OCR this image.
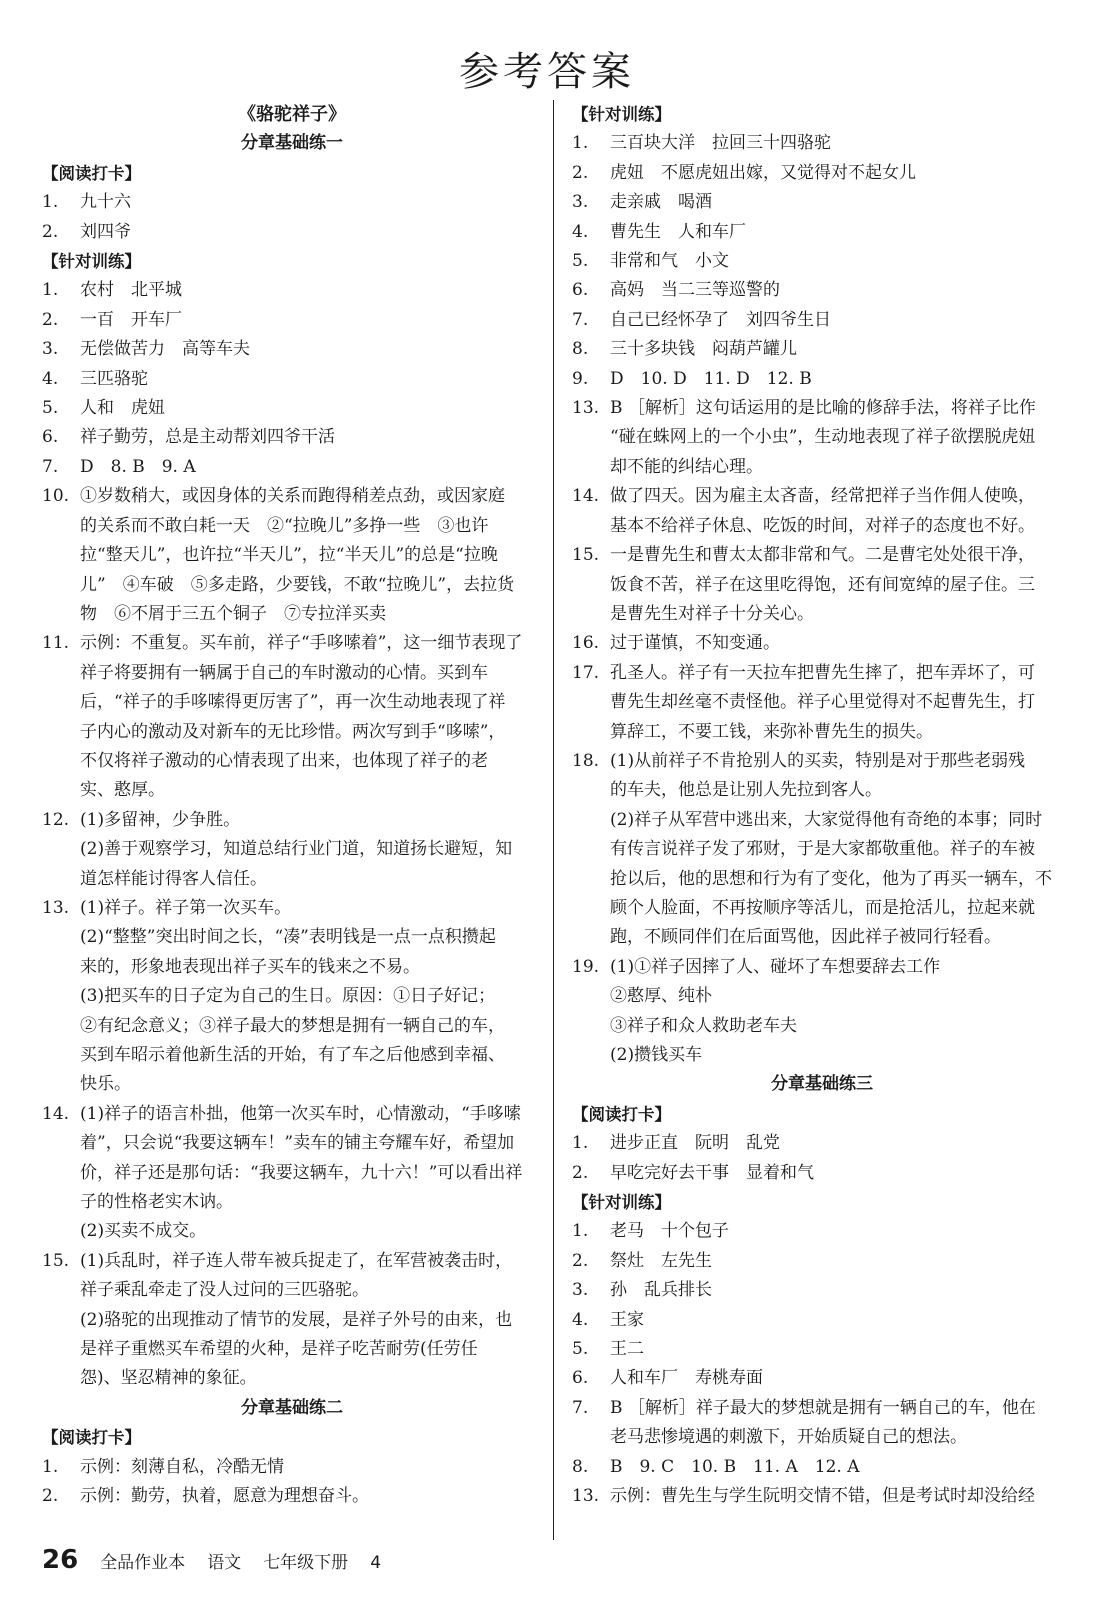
参考答案
《骆驼祥子》
分章基础练一
【阅读打卡】
1. 九十六
2. 刘四爷
【针对训练】
1. 农村　北平城
2. 一百　开车厂
3. 无偿做苦力　高等车夫
4. 三匹骆驼
5. 人和　虎妞
6. 祥子勤劳，总是主动帮刘四爷干活
7. D　8. B　9. A
10. ①岁数稍大，或因身体的关系而跑得稍差点劲，或因家庭
的关系而不敢白耗一天　②“拉晚儿”多挣一些　③也许
拉“整天儿”，也许拉“半天儿”，拉“半天儿”的总是“拉晚
儿”　④车破　⑤多走路，少要钱，不敢“拉晚儿”，去拉货
物　⑥不屑于三五个铜子　⑦专拉洋买卖
11. 示例：不重复。买车前，祥子“手哆嗦着”，这一细节表现了
祥子将要拥有一辆属于自己的车时激动的心情。买到车
后，“祥子的手哆嗦得更厉害了”，再一次生动地表现了祥
子内心的激动及对新车的无比珍惜。两次写到手“哆嗦”，
不仅将祥子激动的心情表现了出来，也体现了祥子的老
实、憨厚。
12. (1)多留神，少争胜。
(2)善于观察学习，知道总结行业门道，知道扬长避短，知
道怎样能讨得客人信任。
13. (1)祥子。祥子第一次买车。
(2)“整整”突出时间之长，“凑”表明钱是一点一点积攒起
来的，形象地表现出祥子买车的钱来之不易。
(3)把买车的日子定为自己的生日。原因：①日子好记；
②有纪念意义；③祥子最大的梦想是拥有一辆自己的车，
买到车昭示着他新生活的开始，有了车之后他感到幸福、
快乐。
14. (1)祥子的语言朴拙，他第一次买车时，心情激动，“手哆嗦
着”，只会说“我要这辆车！”卖车的铺主夸耀车好，希望加
价，祥子还是那句话：“我要这辆车，九十六！”可以看出祥
子的性格老实木讷。
(2)买卖不成交。
15. (1)兵乱时，祥子连人带车被兵捉走了，在军营被袭击时，
祥子乘乱牵走了没人过问的三匹骆驼。
(2)骆驼的出现推动了情节的发展，是祥子外号的由来，也
是祥子重燃买车希望的火种，是祥子吃苦耐劳(任劳任
怨)、坚忍精神的象征。
分章基础练二
【阅读打卡】
1. 示例：刻薄自私，冷酷无情
2. 示例：勤劳，执着，愿意为理想奋斗。
【针对训练】
1. 三百块大洋　拉回三十四骆驼
2. 虎妞　不愿虎妞出嫁，又觉得对不起女儿
3. 走亲戚　喝酒
4. 曹先生　人和车厂
5. 非常和气　小文
6. 高妈　当二三等巡警的
7. 自己已经怀孕了　刘四爷生日
8. 三十多块钱　闷葫芦罐儿
9. D　10. D　11. D　12. B
13. B ［解析］这句话运用的是比喻的修辞手法，将祥子比作
“碰在蛛网上的一个小虫”，生动地表现了祥子欲摆脱虎妞
却不能的纠结心理。
14. 做了四天。因为雇主太吝啬，经常把祥子当作佣人使唤，
基本不给祥子休息、吃饭的时间，对祥子的态度也不好。
15. 一是曹先生和曹太太都非常和气。二是曹宅处处很干净，
饭食不苦，祥子在这里吃得饱，还有间宽绰的屋子住。三
是曹先生对祥子十分关心。
16. 过于谨慎，不知变通。
17. 孔圣人。祥子有一天拉车把曹先生摔了，把车弄坏了，可
曹先生却丝毫不责怪他。祥子心里觉得对不起曹先生，打
算辞工，不要工钱，来弥补曹先生的损失。
18. (1)从前祥子不肯抢别人的买卖，特别是对于那些老弱残
的车夫，他总是让别人先拉到客人。
(2)祥子从军营中逃出来，大家觉得他有奇绝的本事；同时
有传言说祥子发了邪财，于是大家都敬重他。祥子的车被
抢以后，他的思想和行为有了变化，他为了再买一辆车，不
顾个人脸面，不再按顺序等活儿，而是抢活儿，拉起来就
跑，不顾同伴们在后面骂他，因此祥子被同行轻看。
19. (1)①祥子因摔了人、碰坏了车想要辞去工作
②憨厚、纯朴
③祥子和众人救助老车夫
(2)攒钱买车
分章基础练三
【阅读打卡】
1. 进步正直　阮明　乱党
2. 早吃完好去干事　显着和气
【针对训练】
1. 老马　十个包子
2. 祭灶　左先生
3. 孙　乱兵排长
4. 王家
5. 王二
6. 人和车厂　寿桃寿面
7. B ［解析］祥子最大的梦想就是拥有一辆自己的车，他在
老马悲惨境遇的刺激下，开始质疑自己的想法。
8. B　9. C　10. B　11. A　12. A
13. 示例：曹先生与学生阮明交情不错，但是考试时却没给经
26 全品作业本 语文 七年级下册 4
